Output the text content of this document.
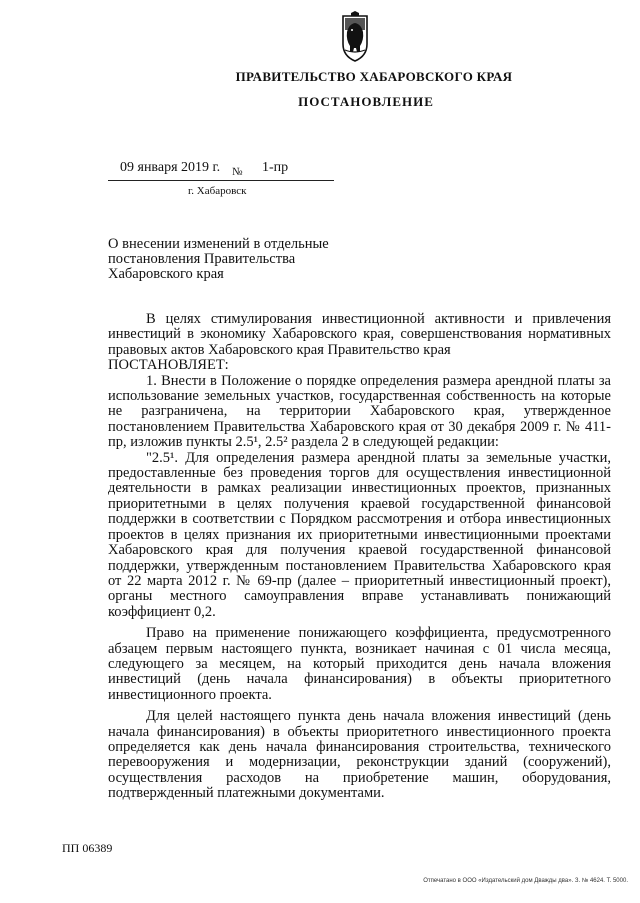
ПРАВИТЕЛЬСТВО ХАБАРОВСКОГО КРАЯ
ПОСТАНОВЛЕНИЕ
09 января 2019 г. № 1-пр
г. Хабаровск
О внесении изменений в отдельные постановления Правительства Хабаровского края

В целях стимулирования инвестиционной активности и привлечения инвестиций в экономику Хабаровского края, совершенствования нормативных правовых актов Хабаровского края Правительство края

ПОСТАНОВЛЯЕТ:

1. Внести в Положение о порядке определения размера арендной платы за использование земельных участков, государственная собственность на которые не разграничена, на территории Хабаровского края, утвержденное постановлением Правительства Хабаровского края от 30 декабря 2009 г. № 411-пр, изложив пункты 2.5¹, 2.5² раздела 2 в следующей редакции:

"2.5¹. Для определения размера арендной платы за земельные участки, предоставленные без проведения торгов для осуществления инвестиционной деятельности в рамках реализации инвестиционных проектов, признанных приоритетными в целях получения краевой государственной финансовой поддержки в соответствии с Порядком рассмотрения и отбора инвестиционных проектов в целях признания их приоритетными инвестиционными проектами Хабаровского края для получения краевой государственной финансовой поддержки, утвержденным постановлением Правительства Хабаровского края от 22 марта 2012 г. № 69-пр (далее – приоритетный инвестиционный проект), органы местного самоуправления вправе устанавливать понижающий коэффициент 0,2.

Право на применение понижающего коэффициента, предусмотренного абзацем первым настоящего пункта, возникает начиная с 01 числа месяца, следующего за месяцем, на который приходится день начала вложения инвестиций (день начала финансирования) в объекты приоритетного инвестиционного проекта.

Для целей настоящего пункта день начала вложения инвестиций (день начала финансирования) в объекты приоритетного инвестиционного проекта определяется как день начала финансирования строительства, технического перевооружения и модернизации, реконструкции зданий (сооружений), осуществления расходов на приобретение машин, оборудования, подтвержденный платежными документами.

ПП 06389
Отпечатано в ООО «Издательский дом Дважды два». З. № 4624. Т. 5000.
